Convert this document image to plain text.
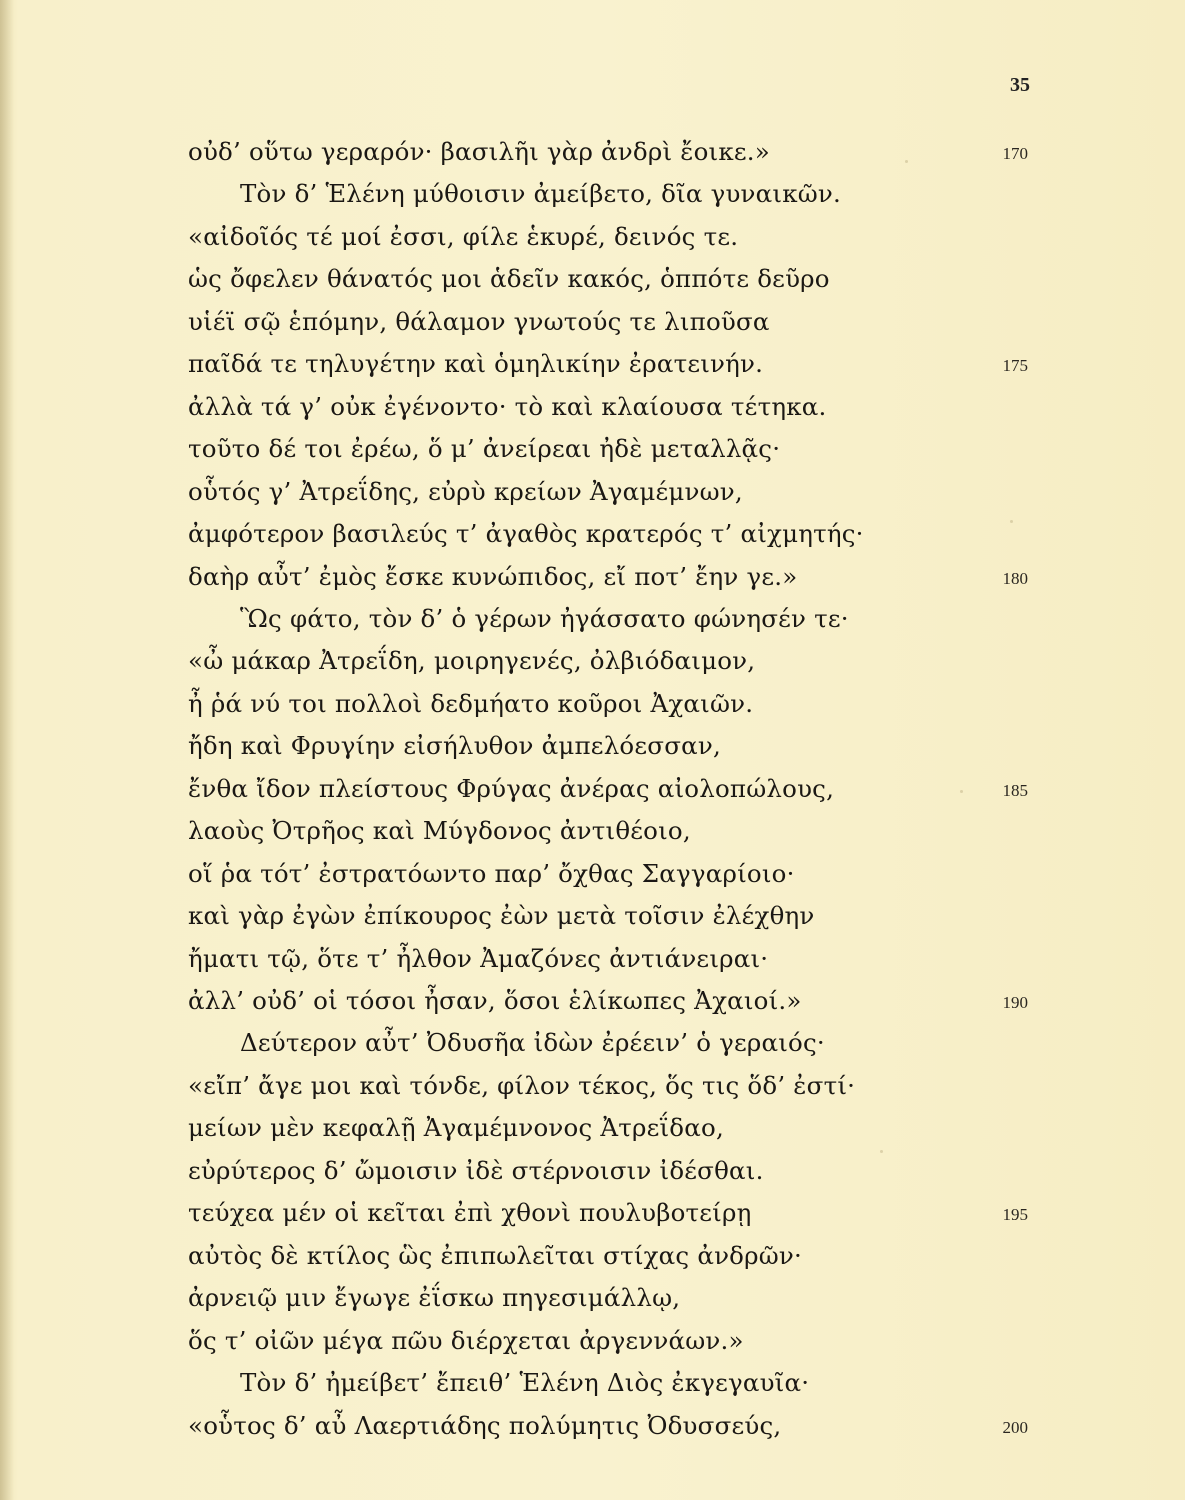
35
οὐδ’ οὕτω γεραρόν· βασιλῆι γὰρ ἀνδρὶ ἔοικε.»	170
Τὸν δ’ Ἑλένη μύθοισιν ἀμείβετο, δῖα γυναικῶν.
«αἰδοῖός τέ μοί ἐσσι, φίλε ἑκυρέ, δεινός τε.
ὡς ὄφελεν θάνατός μοι ἁδεῖν κακός, ὁππότε δεῦρο
υἱέϊ σῷ ἑπόμην, θάλαμον γνωτούς τε λιποῦσα
παῖδά τε τηλυγέτην καὶ ὁμηλικίην ἐρατεινήν.	175
ἀλλὰ τά γ’ οὐκ ἐγένοντο· τὸ καὶ κλαίουσα τέτηκα.
τοῦτο δέ τοι ἐρέω, ὅ μ’ ἀνείρεαι ἠδὲ μεταλλᾷς·
οὗτός γ’ Ἀτρεΐδης, εὐρὺ κρείων Ἀγαμέμνων,
ἀμφότερον βασιλεύς τ’ ἀγαθὸς κρατερός τ’ αἰχμητής·
δαὴρ αὖτ’ ἐμὸς ἔσκε κυνώπιδος, εἴ ποτ’ ἔην γε.»	180
Ὣς φάτο, τὸν δ’ ὁ γέρων ἠγάσσατο φώνησέν τε·
«ὦ μάκαρ Ἀτρεΐδη, μοιρηγενές, ὀλβιόδαιμον,
ἦ ῥά νύ τοι πολλοὶ δεδμήατο κοῦροι Ἀχαιῶν.
ἤδη καὶ Φρυγίην εἰσήλυθον ἀμπελόεσσαν,
ἔνθα ἴδον πλείστους Φρύγας ἀνέρας αἰολοπώλους,	185
λαοὺς Ὀτρῆος καὶ Μύγδονος ἀντιθέοιο,
οἵ ῥα τότ’ ἐστρατόωντο παρ’ ὄχθας Σαγγαρίοιο·
καὶ γὰρ ἐγὼν ἐπίκουρος ἐὼν μετὰ τοῖσιν ἐλέχθην
ἤματι τῷ, ὅτε τ’ ἦλθον Ἀμαζόνες ἀντιάνειραι·
ἀλλ’ οὐδ’ οἱ τόσοι ἦσαν, ὅσοι ἑλίκωπες Ἀχαιοί.»	190
Δεύτερον αὖτ’ Ὀδυσῆα ἰδὼν ἐρέειν’ ὁ γεραιός·
«εἴπ’ ἄγε μοι καὶ τόνδε, φίλον τέκος, ὅς τις ὅδ’ ἐστί·
μείων μὲν κεφαλῇ Ἀγαμέμνονος Ἀτρεΐδαο,
εὐρύτερος δ’ ὤμοισιν ἰδὲ στέρνοισιν ἰδέσθαι.
τεύχεα μέν οἱ κεῖται ἐπὶ χθονὶ πουλυβοτείρῃ	195
αὐτὸς δὲ κτίλος ὣς ἐπιπωλεῖται στίχας ἀνδρῶν·
ἀρνειῷ μιν ἔγωγε ἐΐσκω πηγεσιμάλλῳ,
ὅς τ’ οἰῶν μέγα πῶυ διέρχεται ἀργεννάων.»
Τὸν δ’ ἠμείβετ’ ἔπειθ’ Ἑλένη Διὸς ἐκγεγαυῖα·
«οὗτος δ’ αὖ Λαερτιάδης πολύμητις Ὀδυσσεύς,	200
